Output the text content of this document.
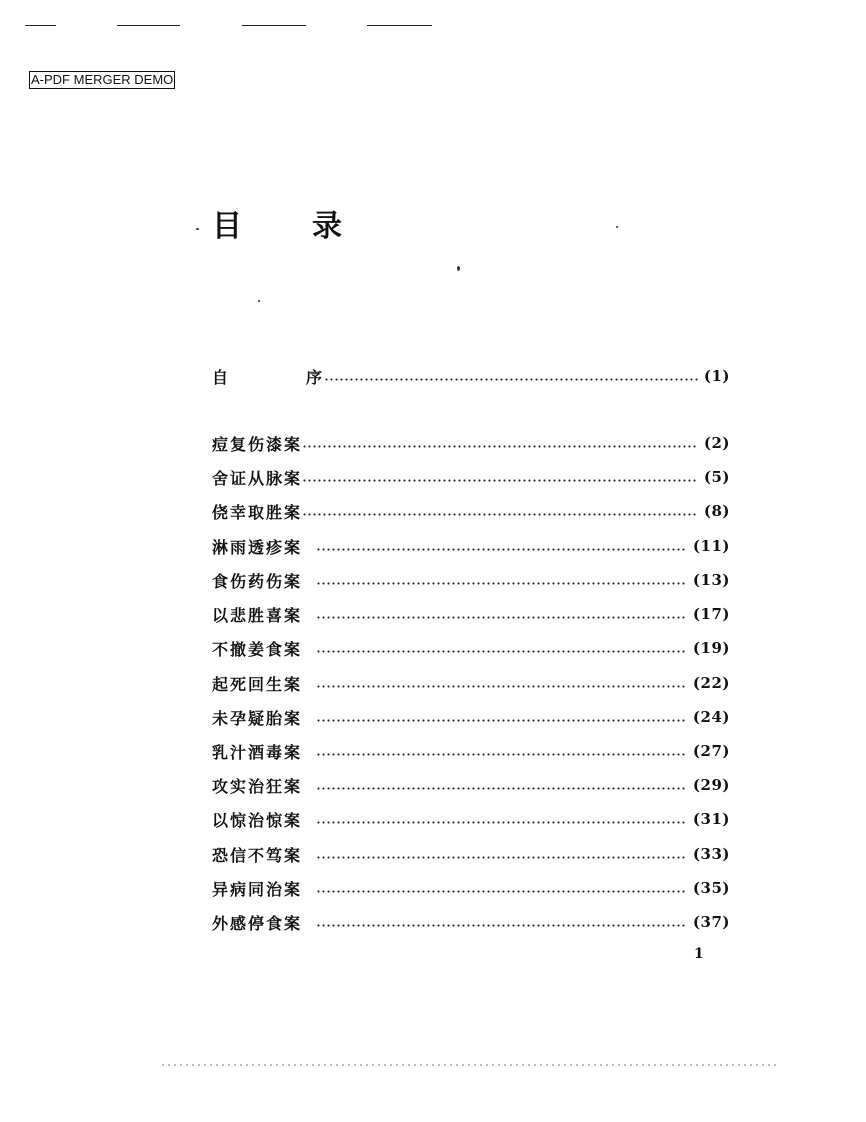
A-PDF MERGER DEMO
目 录
自	序	(1)
痘复伤漆案	(2)
舍证从脉案	(5)
侥幸取胜案	(8)
淋雨透疹案	(11)
食伤药伤案	(13)
以悲胜喜案	(17)
不撤姜食案	(19)
起死回生案	(22)
未孕疑胎案	(24)
乳汁酒毒案	(27)
攻实治狂案	(29)
以惊治惊案	(31)
恐信不笃案	(33)
异病同治案	(35)
外感停食案	(37)
1
